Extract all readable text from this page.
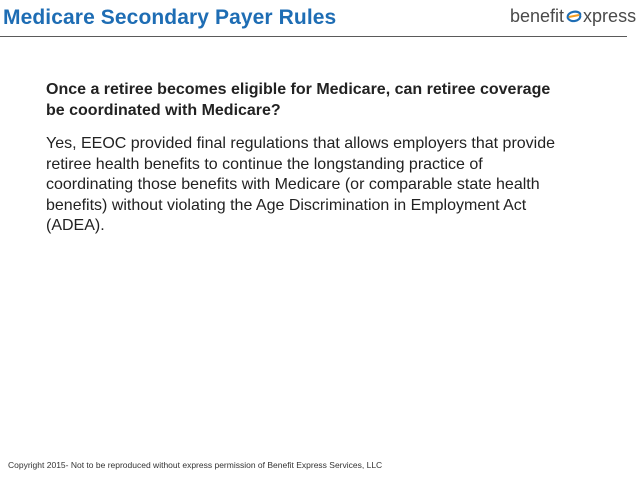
Medicare Secondary Payer Rules	benefit xpress

Once a retiree becomes eligible for Medicare, can retiree coverage be coordinated with Medicare?

Yes, EEOC provided final regulations that allows employers that provide retiree health benefits to continue the longstanding practice of coordinating those benefits with Medicare (or comparable state health benefits) without violating the Age Discrimination in Employment Act (ADEA).

Copyright 2015- Not to be reproduced without express permission of Benefit Express Services, LLC
